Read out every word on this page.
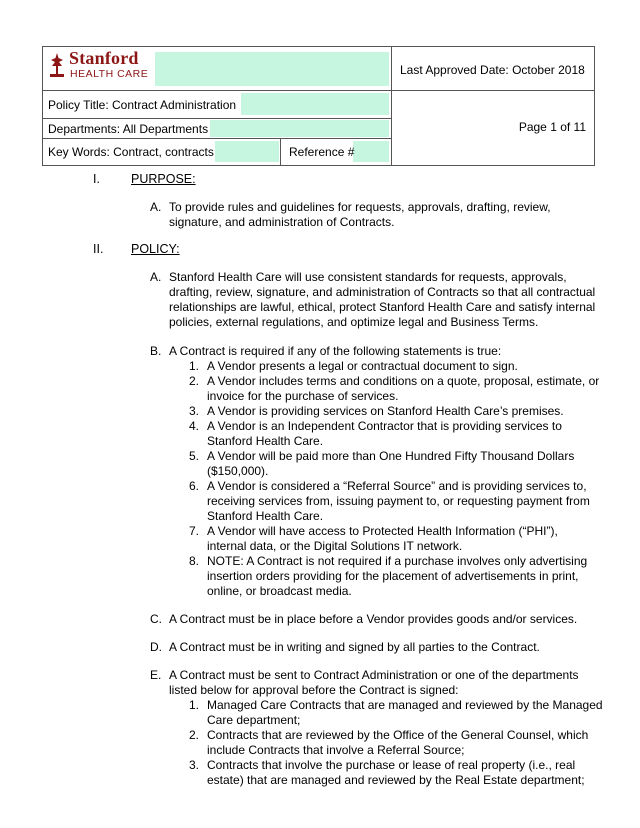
Stanford
HEALTH CARE	Last Approved Date: October 2018
Policy Title: Contract Administration
Departments: All Departments
Key Words: Contract, contracts	Reference #
Page 1 of 11
I. PURPOSE:
A. To provide rules and guidelines for requests, approvals, drafting, review,
signature, and administration of Contracts.
II. POLICY:
A. Stanford Health Care will use consistent standards for requests, approvals,
drafting, review, signature, and administration of Contracts so that all contractual
relationships are lawful, ethical, protect Stanford Health Care and satisfy internal
policies, external regulations, and optimize legal and Business Terms.
B. A Contract is required if any of the following statements is true:
1. A Vendor presents a legal or contractual document to sign.
2. A Vendor includes terms and conditions on a quote, proposal, estimate, or
invoice for the purchase of services.
3. A Vendor is providing services on Stanford Health Care’s premises.
4. A Vendor is an Independent Contractor that is providing services to
Stanford Health Care.
5. A Vendor will be paid more than One Hundred Fifty Thousand Dollars
($150,000).
6. A Vendor is considered a “Referral Source” and is providing services to,
receiving services from, issuing payment to, or requesting payment from
Stanford Health Care.
7. A Vendor will have access to Protected Health Information (“PHI”),
internal data, or the Digital Solutions IT network.
8. NOTE: A Contract is not required if a purchase involves only advertising
insertion orders providing for the placement of advertisements in print,
online, or broadcast media.
C. A Contract must be in place before a Vendor provides goods and/or services.
D. A Contract must be in writing and signed by all parties to the Contract.
E. A Contract must be sent to Contract Administration or one of the departments
listed below for approval before the Contract is signed:
1. Managed Care Contracts that are managed and reviewed by the Managed
Care department;
2. Contracts that are reviewed by the Office of the General Counsel, which
include Contracts that involve a Referral Source;
3. Contracts that involve the purchase or lease of real property (i.e., real
estate) that are managed and reviewed by the Real Estate department;
